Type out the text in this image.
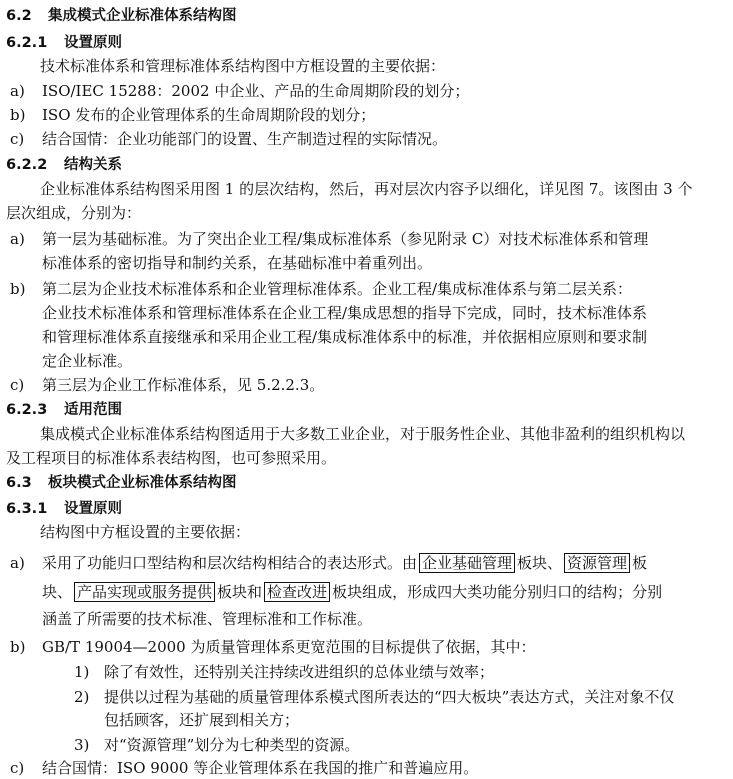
6.2 集成模式企业标准体系结构图
6.2.1 设置原则
技术标准体系和管理标准体系结构图中方框设置的主要依据：
a) ISO/IEC 15288：2002 中企业、产品的生命周期阶段的划分；
b) ISO 发布的企业管理体系的生命周期阶段的划分；
c) 结合国情：企业功能部门的设置、生产制造过程的实际情况。
6.2.2 结构关系
企业标准体系结构图采用图 1 的层次结构，然后，再对层次内容予以细化，详见图 7。该图由 3 个
层次组成，分别为：
a) 第一层为基础标准。为了突出企业工程/集成标准体系（参见附录 C）对技术标准体系和管理
标准体系的密切指导和制约关系，在基础标准中着重列出。
b) 第二层为企业技术标准体系和企业管理标准体系。企业工程/集成标准体系与第二层关系：
企业技术标准体系和管理标准体系在企业工程/集成思想的指导下完成，同时，技术标准体系
和管理标准体系直接继承和采用企业工程/集成标准体系中的标准，并依据相应原则和要求制
定企业标准。
c) 第三层为企业工作标准体系，见 5.2.2.3。
6.2.3 适用范围
集成模式企业标准体系结构图适用于大多数工业企业，对于服务性企业、其他非盈利的组织机构以
及工程项目的标准体系表结构图，也可参照采用。
6.3 板块模式企业标准体系结构图
6.3.1 设置原则
结构图中方框设置的主要依据：
a) 采用了功能归口型结构和层次结构相结合的表达形式。由 企业基础管理 板块、 资源管理 板
块、 产品实现或服务提供 板块和 检查改进 板块组成，形成四大类功能分别归口的结构；分别
涵盖了所需要的技术标准、管理标准和工作标准。
b) GB/T 19004—2000 为质量管理体系更宽范围的目标提供了依据，其中：
1) 除了有效性，还特别关注持续改进组织的总体业绩与效率；
2) 提供以过程为基础的质量管理体系模式图所表达的“四大板块”表达方式，关注对象不仅
包括顾客，还扩展到相关方；
3) 对“资源管理”划分为七种类型的资源。
c) 结合国情：ISO 9000 等企业管理体系在我国的推广和普遍应用。
